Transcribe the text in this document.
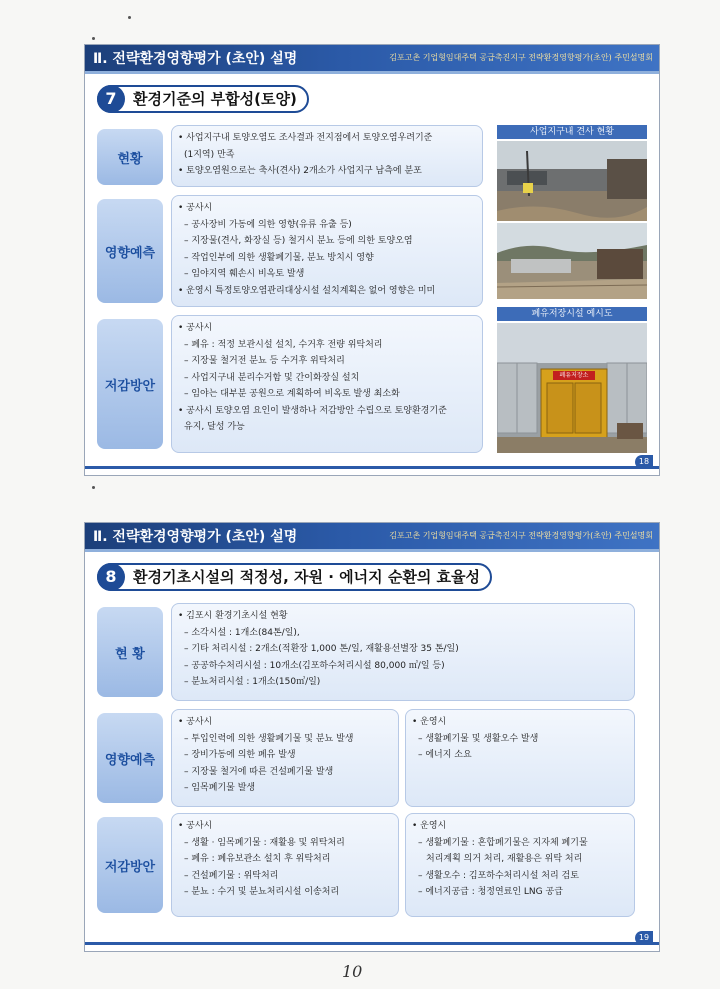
Ⅱ. 전략환경영향평가 (초안) 설명	김포고촌 기업형임대주택 공급촉진지구 전략환경영향평가(초안) 주민설명회
7	환경기준의 부합성(토양)
현황
• 사업지구내 토양오염도 조사결과 전지점에서 토양오염우려기준
(1지역) 만족
• 토양오염원으로는 축사(견사) 2개소가 사업지구 남측에 분포
영향예측
• 공사시
– 공사장비 가동에 의한 영향(유류 유출 등)
– 지장물(견사, 화장실 등) 철거시 분뇨 등에 의한 토양오염
– 작업인부에 의한 생활폐기물, 분뇨 방치시 영향
– 임야지역 훼손시 비옥토 발생
• 운영시 특정토양오염관리대상시설 설치계획은 없어 영향은 미미
저감방안
• 공사시
– 폐유 : 적정 보관시설 설치, 수거후 전량 위탁처리
– 지장물 철거전 분뇨 등 수거후 위탁처리
– 사업지구내 분리수거함 및 간이화장실 설치
– 임야는 대부분 공원으로 계획하여 비옥토 발생 최소화
• 공사시 토양오염 요인이 발생하나 저감방안 수립으로 토양환경기준
유지, 달성 가능
사업지구내 견사 현황
폐유저장시설 예시도
폐유저장소
18
Ⅱ. 전략환경영향평가 (초안) 설명	김포고촌 기업형임대주택 공급촉진지구 전략환경영향평가(초안) 주민설명회
8	환경기초시설의 적정성, 자원 · 에너지 순환의 효율성
현 황
• 김포시 환경기초시설 현황
– 소각시설 : 1개소(84톤/일),
– 기타 처리시설 : 2개소(적환장 1,000 톤/일, 재활용선별장 35 톤/일)
– 공공하수처리시설 : 10개소(김포하수처리시설 80,000 ㎥/일 등)
– 분뇨처리시설 : 1개소(150㎥/일)
영향예측
• 공사시
– 투입인력에 의한 생활폐기물 및 분뇨 발생
– 장비가동에 의한 폐유 발생
– 지장물 철거에 따른 건설폐기물 발생
– 임목폐기물 발생
• 운영시
– 생활폐기물 및 생활오수 발생
– 에너지 소요
저감방안
• 공사시
– 생활 · 임목폐기물 : 재활용 및 위탁처리
– 폐유 : 폐유보관소 설치 후 위탁처리
– 건설폐기물 : 위탁처리
– 분뇨 : 수거 및 분뇨처리시설 이송처리
• 운영시
– 생활폐기물 : 혼합폐기물은 지자체 폐기물
처리계획 의거 처리, 재활용은 위탁 처리
– 생활오수 : 김포하수처리시설 처리 검토
– 에너지공급 : 청정연료인 LNG 공급
19
10
